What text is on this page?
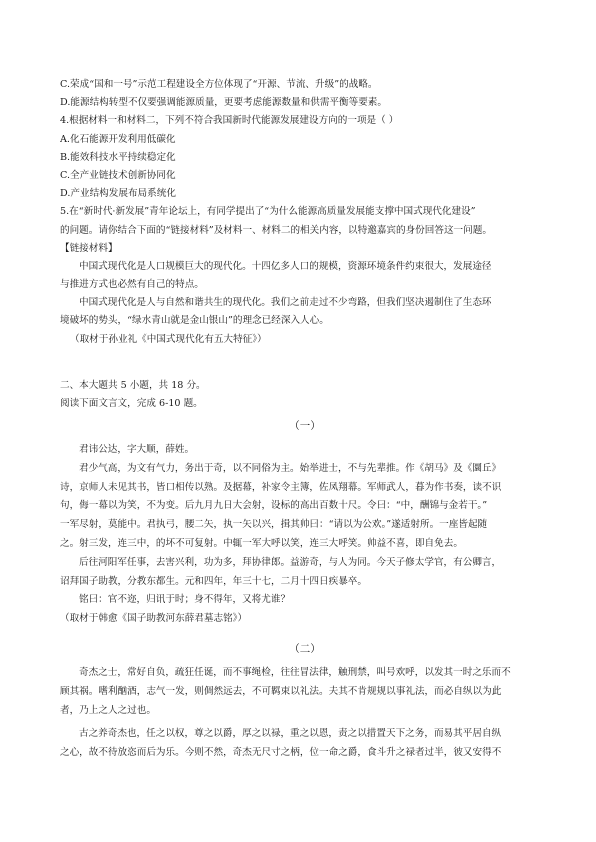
C.荣成“国和一号”示范工程建设全方位体现了“开源、节流、升级”的战略。
D.能源结构转型不仅要强调能源质量，更要考虑能源数量和供需平衡等要素。
4.根据材料一和材料二，下列不符合我国新时代能源发展建设方向的一项是（ ）
A.化石能源开发利用低碳化
B.能效科技水平持续稳定化
C.全产业链技术创新协同化
D.产业结构发展布局系统化
5.在“新时代·新发展”青年论坛上，有同学提出了“为什么能源高质量发展能支撑中国式现代化建设”
的问题。请你结合下面的“链接材料”及材料一、材料二的相关内容，以特邀嘉宾的身份回答这一问题。
【链接材料】
中国式现代化是人口规模巨大的现代化。十四亿多人口的规模，资源环境条件约束很大，发展途径
与推进方式也必然有自己的特点。
中国式现代化是人与自然和谐共生的现代化。我们之前走过不少弯路，但我们坚决遏制住了生态环
境破坏的势头，“绿水青山就是金山银山”的理念已经深入人心。
（取材于孙业礼《中国式现代化有五大特征》）
二、本大题共 5 小题，共 18 分。
阅读下面文言文，完成 6-10 题。
（一）
君讳公达，字大顺，薛姓。
君少气高，为文有气力，务出于奇，以不同俗为主。始举进士，不与先辈推。作《胡马》及《圜丘》
诗，京师人未见其书，皆口相传以熟。及据幕，补家令主簿，佐凤翔幕。军师武人，暮为作书奏，读不识
句，侮一幕以为笑，不为变。后九月九日大会射，设标的高出百数十尺。令曰：“中，酬锦与金若干。”
一军尽射，莫能中。君执弓，腰二矢，执一矢以兴，揖其帅曰：“请以为公欢。”遂适射所。一座皆起随
之。射三发，连三中，的坏不可复射。中辄一军大呼以笑，连三大呼笑。帅益不喜，即自免去。
后往河阳军任事，去害兴利，功为多，拜协律郎。益游奇，与人为同。今天子修太学官，有公卿言，
诏拜国子助教，分教东都生。元和四年，年三十七，二月十四日疾暴卒。
铭曰：官不迩，归讯于时；身不得年，又将尤谁？
（取材于韩愈《国子助教河东薛君墓志铭》）
（二）
奇杰之士，常好自负，疏狂任诞，而不事绳检，往往冒法律，触刑禁，叫号欢呼，以发其一时之乐而不
顾其祸。嗜利酗酒，志气一发，则倜然远去，不可羁束以礼法。夫其不肯规规以事礼法，而必自纵以为此
者，乃上之人之过也。
古之养奇杰也，任之以权，尊之以爵，厚之以禄，重之以恩，责之以措置天下之务，而易其平居自纵
之心，故不待放恣而后为乐。今则不然，奇杰无尺寸之柄，位一命之爵，食斗升之禄者过半，彼又安得不
